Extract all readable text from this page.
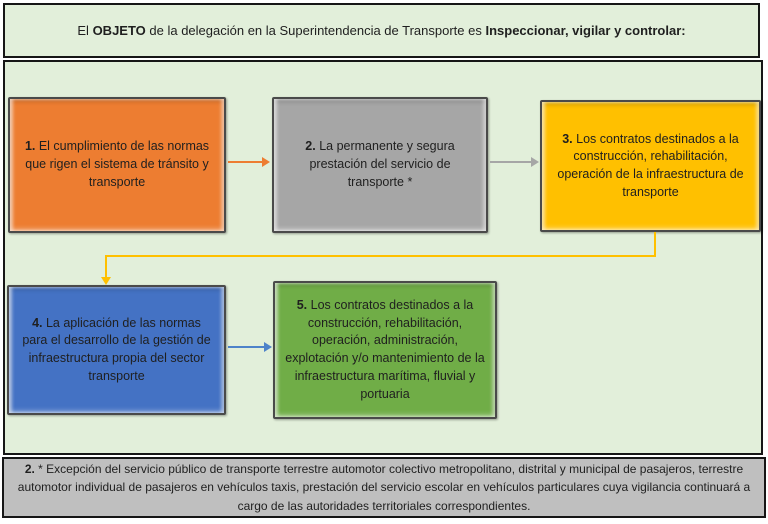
El OBJETO de la delegación en la Superintendencia de Transporte es Inspeccionar, vigilar y controlar:
1. El cumplimiento de las normas que rigen el sistema de tránsito y transporte
2. La permanente y segura prestación del servicio de transporte *
3. Los contratos destinados a la construcción, rehabilitación, operación de la infraestructura de transporte
4. La aplicación de las normas para el desarrollo de la gestión de infraestructura propia del sector transporte
5. Los contratos destinados a la construcción, rehabilitación, operación, administración, explotación y/o mantenimiento de la infraestructura marítima, fluvial y portuaria
2. * Excepción del servicio público de transporte terrestre automotor colectivo metropolitano, distrital y municipal de pasajeros, terrestre automotor individual de pasajeros en vehículos taxis, prestación del servicio escolar en vehículos particulares cuya vigilancia continuará a cargo de las autoridades territoriales correspondientes.
